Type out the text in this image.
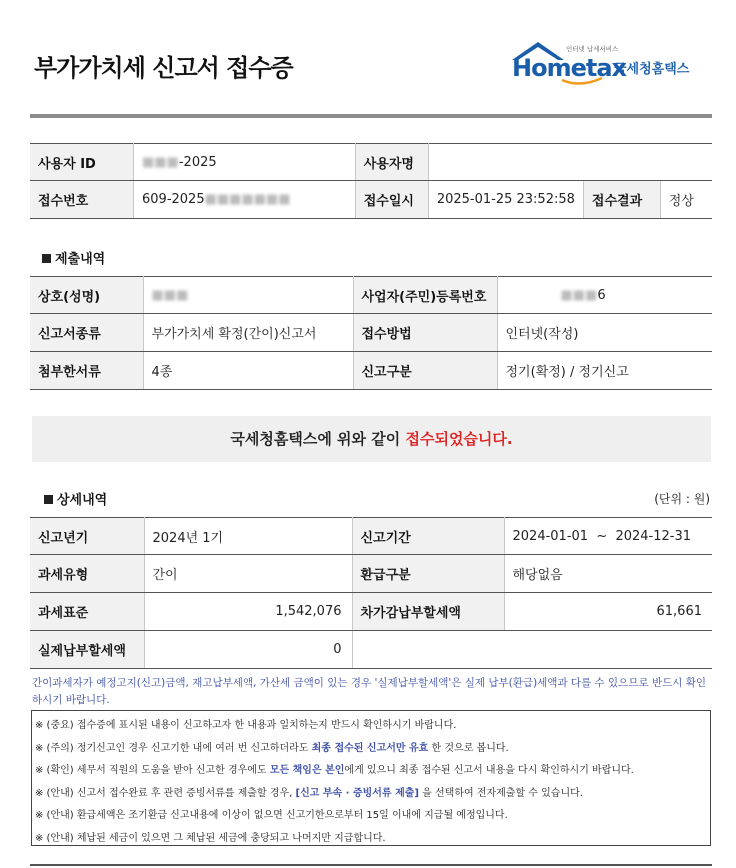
부가가치세 신고서 접수증
인터넷 납세서비스
Hometax
국세청홈택스
사용자 ID	■■■-2025	사용자명			
접수번호	609-2025■■■■■■■	접수일시	2025-01-25 23:52:58	접수결과	정상
제출내역
상호(성명)	■■■	사업자(주민)등록번호	■■■6
신고서종류	부가가치세 확정(간이)신고서	접수방법	인터넷(작성)
첨부한서류	4종	신고구분	정기(확정) / 정기신고
국세청홈택스에 위와 같이 접수되었습니다.
상세내역	(단위 : 원)
신고년기	2024년 1기	신고기간	2024-01-01  ~  2024-12-31
과세유형	간이	환급구분	해당없음
과세표준	1,542,076	차가감납부할세액	61,661
실제납부할세액	0		
간이과세자가 예정고지(신고)금액, 재고납부세액, 가산세 금액이 있는 경우 '실제납부할세액'은 실제 납부(환급)세액과 다를 수 있으므로 반드시 확인하시기 바랍니다.
※ (중요) 접수증에 표시된 내용이 신고하고자 한 내용과 일치하는지 반드시 확인하시기 바랍니다.
※ (주의) 정기신고인 경우 신고기한 내에 여러 번 신고하더라도 최종 접수된 신고서만 유효 한 것으로 봅니다.
※ (확인) 세무서 직원의 도움을 받아 신고한 경우에도 모든 책임은 본인에게 있으니 최종 접수된 신고서 내용을 다시 확인하시기 바랍니다.
※ (안내) 신고서 접수완료 후 관련 증빙서류를 제출할 경우, [신고 부속 · 증빙서류 제출] 을 선택하여 전자제출할 수 있습니다.
※ (안내) 환급세액은 조기환급 신고내용에 이상이 없으면 신고기한으로부터 15일 이내에 지급될 예정입니다.
※ (안내) 체납된 세금이 있으면 그 체납된 세금에 충당되고 나머지만 지급합니다.
